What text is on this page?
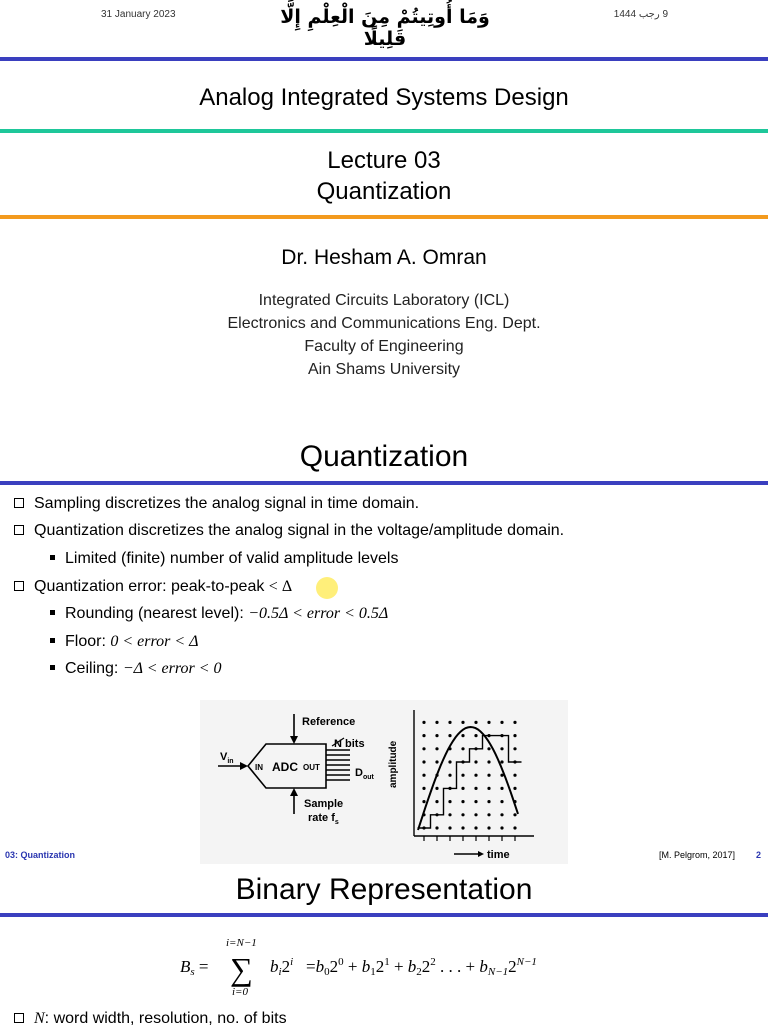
31 January 2023	وَمَا أُوتِيتُمْ مِنَ الْعِلْمِ إِلَّا قَلِيلًا
9 رجب 1444
Analog Integrated Systems Design
Lecture 03
Quantization
Dr. Hesham A. Omran
Integrated Circuits Laboratory (ICL)
Electronics and Communications Eng. Dept.
Faculty of Engineering
Ain Shams University
Quantization
Sampling discretizes the analog signal in time domain.
Quantization discretizes the analog signal in the voltage/amplitude domain.
Limited (finite) number of valid amplitude levels
Quantization error: peak-to-peak < Δ
Rounding (nearest level): −0.5Δ < error < 0.5Δ
Floor: 0 < error < Δ
Ceiling: −Δ < error < 0
Reference
N bits
$V_{in}$
IN ADC OUT	$D_{out}$
Sample
rate $f_s$
amplitude
time
03: Quantization	[M. Pelgrom, 2017] 2
Binary Representation
i=N−1
Bs = ∑
i=0
$bi2^i =b02^0 + b12^1 + b22^2$ . . . + $bN-12^{N-1}$
N: word width, resolution, no. of bits
